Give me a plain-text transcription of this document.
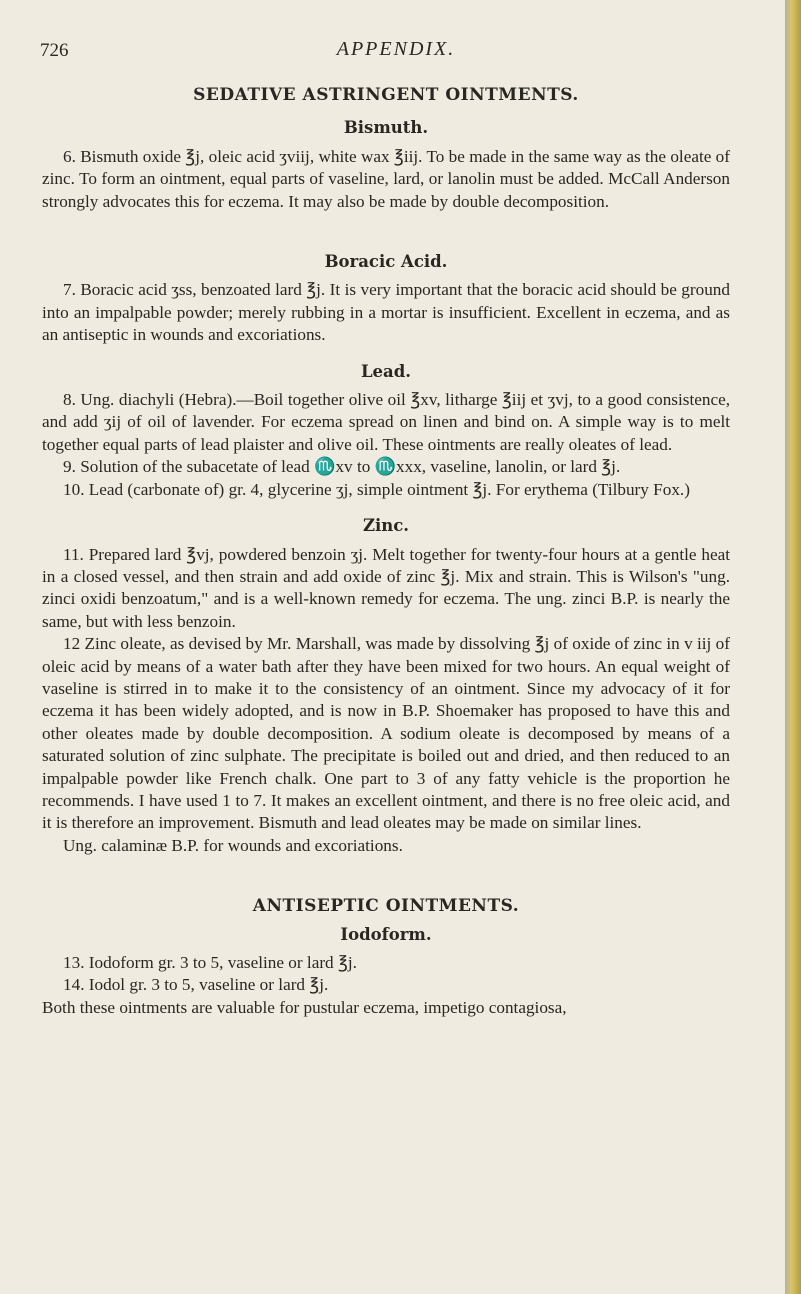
726	APPENDIX.
SEDATIVE ASTRINGENT OINTMENTS.
Bismuth.

6. Bismuth oxide ℥j, oleic acid ʒviij, white wax ℥iij. To be made in the same way as the oleate of zinc. To form an ointment, equal parts of vaseline, lard, or lanolin must be added. McCall Anderson strongly advocates this for eczema. It may also be made by double decomposition.

Boracic Acid.

7. Boracic acid ʒss, benzoated lard ℥j. It is very important that the boracic acid should be ground into an impalpable powder; merely rubbing in a mortar is insufficient. Excellent in eczema, and as an antiseptic in wounds and excoriations.

Lead.

8. Ung. diachyli (Hebra).—Boil together olive oil ℥xv, litharge ℥iij et ʒvj, to a good consistence, and add ʒij of oil of lavender. For eczema spread on linen and bind on. A simple way is to melt together equal parts of lead plaister and olive oil. These ointments are really oleates of lead.

9. Solution of the subacetate of lead ♏xv to ♏xxx, vaseline, lanolin, or lard ℥j.

10. Lead (carbonate of) gr. 4, glycerine ʒj, simple ointment ℥j. For erythema (Tilbury Fox.)

Zinc.

11. Prepared lard ℥vj, powdered benzoin ʒj. Melt together for twenty-four hours at a gentle heat in a closed vessel, and then strain and add oxide of zinc ℥j. Mix and strain. This is Wilson's "ung. zinci oxidi benzoatum," and is a well-known remedy for eczema. The ung. zinci B.P. is nearly the same, but with less benzoin.

12 Zinc oleate, as devised by Mr. Marshall, was made by dissolving ℥j of oxide of zinc in v iij of oleic acid by means of a water bath after they have been mixed for two hours. An equal weight of vaseline is stirred in to make it to the consistency of an ointment. Since my advocacy of it for eczema it has been widely adopted, and is now in B.P. Shoemaker has proposed to have this and other oleates made by double decomposition. A sodium oleate is decomposed by means of a saturated solution of zinc sulphate. The precipitate is boiled out and dried, and then reduced to an impalpable powder like French chalk. One part to 3 of any fatty vehicle is the proportion he recommends. I have used 1 to 7. It makes an excellent ointment, and there is no free oleic acid, and it is therefore an improvement. Bismuth and lead oleates may be made on similar lines.

Ung. calaminæ B.P. for wounds and excoriations.

ANTISEPTIC OINTMENTS.
Iodoform.

13. Iodoform gr. 3 to 5, vaseline or lard ℥j.

14. Iodol gr. 3 to 5, vaseline or lard ℥j.

Both these ointments are valuable for pustular eczema, impetigo contagiosa,
